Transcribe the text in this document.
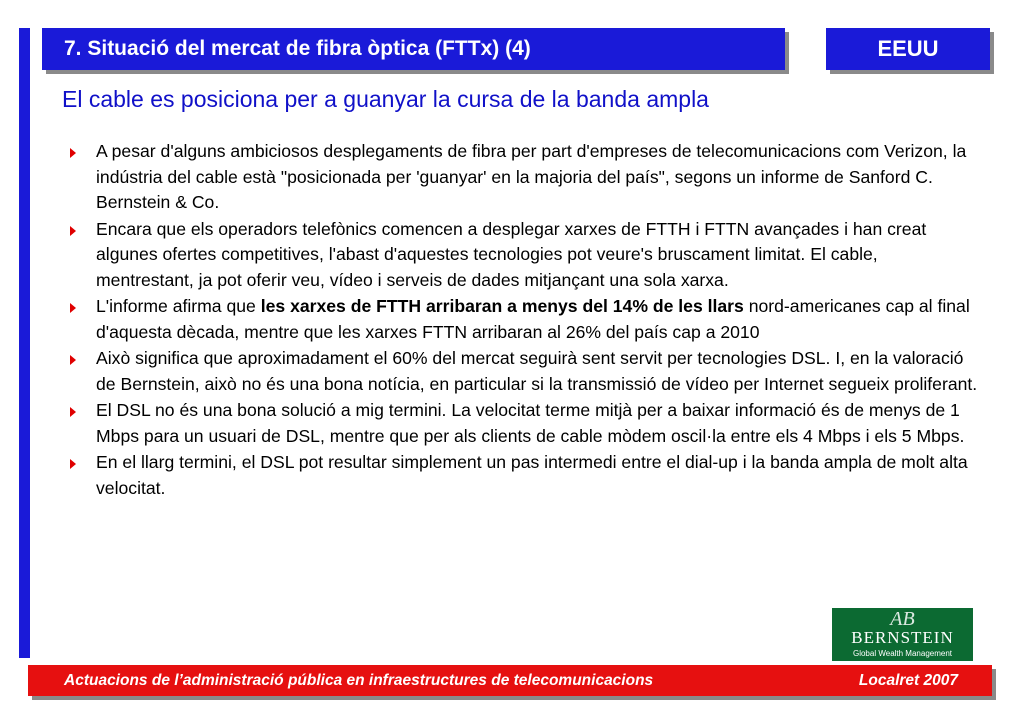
7. Situació del mercat de fibra òptica (FTTx) (4)	EEUU
El cable es posiciona per a guanyar la cursa de la banda ampla
A pesar d'alguns ambiciosos desplegaments de fibra per part d'empreses de telecomunicacions com Verizon, la indústria del cable està "posicionada per 'guanyar' en la majoria del país", segons un informe de Sanford C. Bernstein & Co.
Encara que els operadors telefònics comencen a desplegar xarxes de FTTH i FTTN avançades i han creat algunes ofertes competitives, l'abast d'aquestes tecnologies pot veure's bruscament limitat. El cable, mentrestant, ja pot oferir veu, vídeo i serveis de dades mitjançant una sola xarxa.
L'informe afirma que les xarxes de FTTH arribaran a menys del 14% de les llars nord-americanes cap al final d'aquesta dècada, mentre que les xarxes FTTN arribaran al 26% del país cap a 2010
Això significa que aproximadament el 60% del mercat seguirà sent servit per tecnologies DSL. I, en la valoració de Bernstein, això no és una bona notícia, en particular si la transmissió de vídeo per Internet segueix proliferant.
El DSL no és una bona solució a mig termini. La velocitat terme mitjà per a baixar informació és de menys de 1 Mbps para un usuari de DSL, mentre que per als clients de cable mòdem oscil·la entre els 4 Mbps i els 5 Mbps.
En el llarg termini, el DSL pot resultar simplement un pas intermedi entre el dial-up i la banda ampla de molt alta velocitat.
AB
BERNSTEIN
Global Wealth Management
Actuacions de l’administració pública en infraestructures de telecomunicacions	Localret 2007
